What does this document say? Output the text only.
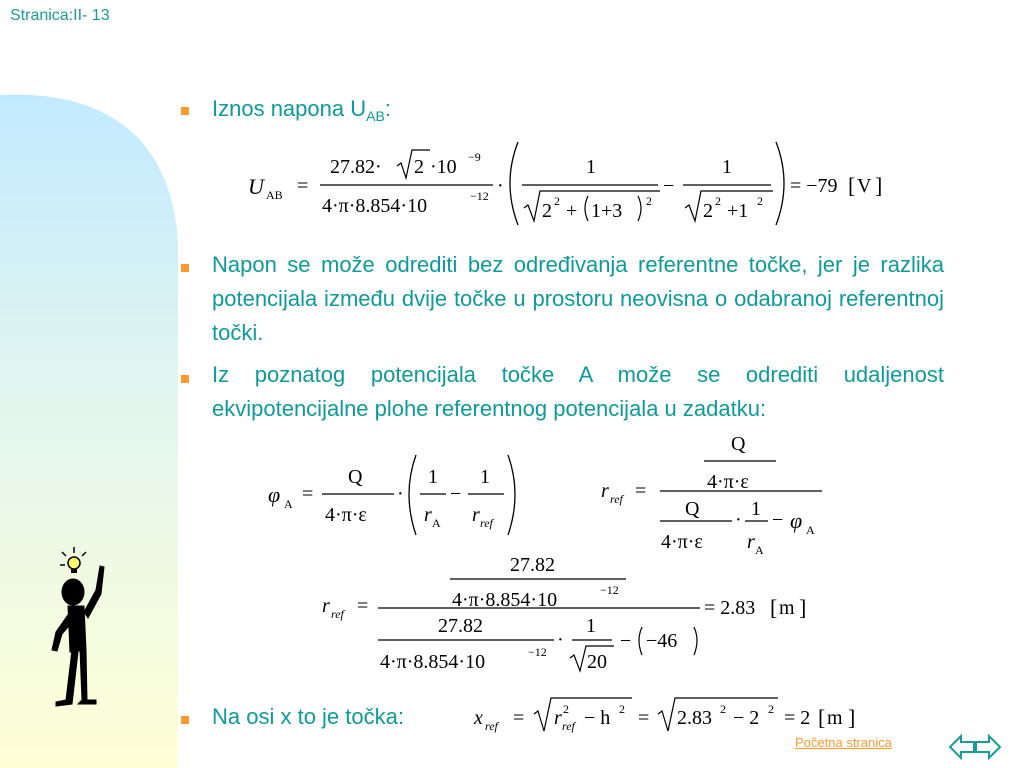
Stranica:II- 13
Iznos napona $U_{AB}$:
U AB =
27.82· 2 ·10 −9
4·π·8.854·10	−12 ·
1
2 2 + 1+3 2
−
1
2 2 +1 2
= −79 [ V ]
Napon se može odrediti bez određivanja referentne točke, jer je razlika potencijala između dvije točke u prostoru neovisna o odabranoj referentnoj točki.
Iz poznatog potencijala točke A može se odrediti udaljenost ekvipotencijalne plohe referentnog potencijala u zadatku:
φ A =
Q
4·π·ε
·
1
r A
−
1
r ref
r ref =
Q
4·π·ε
Q
4·π·ε
· 1
r A
− φ A
r ref =
27.82
4·π·8.854·10	−12
27.82
4·π·8.854·10	−12
·
1
20
− −46
= 2.83 [ m ]
Na osi x to je točka:	x ref = r 2
ref − h 2 = 2.83 2 − 2 2 = 2 [ m ]
Početna stranica
